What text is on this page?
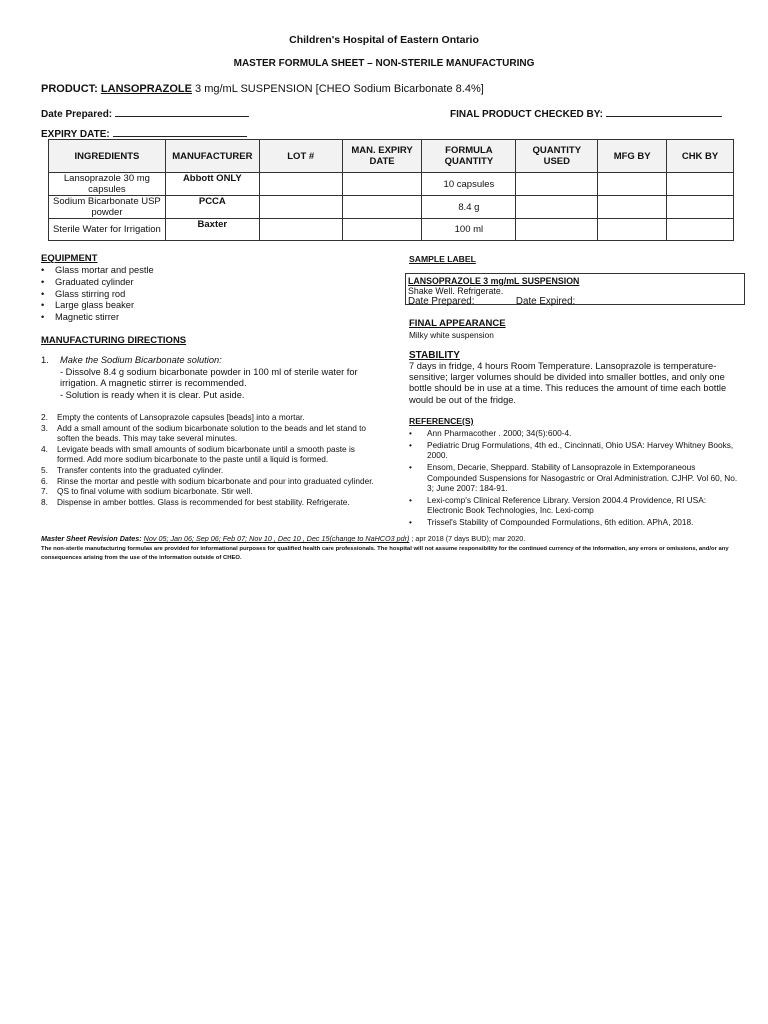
Children's Hospital of Eastern Ontario
MASTER FORMULA SHEET – NON-STERILE MANUFACTURING
PRODUCT: LANSOPRAZOLE 3 mg/mL SUSPENSION [CHEO Sodium Bicarbonate 8.4%]
Date Prepared:	FINAL PRODUCT CHECKED BY:
EXPIRY DATE:
INGREDIENTS	MANUFACTURER	LOT #	MAN. EXPIRY DATE	FORMULA QUANTITY	QUANTITY USED	MFG BY	CHK BY
Lansoprazole 30 mg capsules	Abbott ONLY			10 capsules			
Sodium Bicarbonate USP powder	PCCA			8.4 g			
Sterile Water for Irrigation	Baxter			100 ml			
EQUIPMENT
• Glass mortar and pestle
• Graduated cylinder
• Glass stirring rod
• Large glass beaker
• Magnetic stirrer
MANUFACTURING DIRECTIONS
1. Make the Sodium Bicarbonate solution:
- Dissolve 8.4 g sodium bicarbonate powder in 100 ml of sterile water for irrigation. A magnetic stirrer is recommended.
- Solution is ready when it is clear. Put aside.
2. Empty the contents of Lansoprazole capsules [beads] into a mortar.
3. Add a small amount of the sodium bicarbonate solution to the beads and let stand to soften the beads. This may take several minutes.
4. Levigate beads with small amounts of sodium bicarbonate until a smooth paste is formed. Add more sodium bicarbonate to the paste until a liquid is formed.
5. Transfer contents into the graduated cylinder.
6. Rinse the mortar and pestle with sodium bicarbonate and pour into graduated cylinder.
7. QS to final volume with sodium bicarbonate. Stir well.
8. Dispense in amber bottles. Glass is recommended for best stability. Refrigerate.
SAMPLE LABEL
LANSOPRAZOLE 3 mg/mL SUSPENSION
Shake Well. Refrigerate.
Date Prepared:	Date Expired:
FINAL APPEARANCE
Milky white suspension
STABILITY
7 days in fridge, 4 hours Room Temperature. Lansoprazole is temperature-sensitive; larger volumes should be divided into smaller bottles, and only one bottle should be in use at a time. This reduces the amount of time each bottle would be out of the fridge.
REFERENCE(S)
• Ann Pharmacother . 2000; 34(5):600-4.
• Pediatric Drug Formulations, 4th ed., Cincinnati, Ohio USA: Harvey Whitney Books, 2000.
• Ensom, Decarie, Sheppard. Stability of Lansoprazole in Extemporaneous Compounded Suspensions for Nasogastric or Oral Administration. CJHP. Vol 60, No. 3; June 2007: 184-91.
• Lexi-comp's Clinical Reference Library. Version 2004.4 Providence, RI USA: Electronic Book Technologies, Inc. Lexi-comp
• Trissel's Stability of Compounded Formulations, 6th edition. APhA, 2018.
Master Sheet Revision Dates: Nov 05; Jan 06; Sep 06; Feb 07; Nov 10 , Dec 10 , Dec 15(change to NaHCO3 pdr) ; apr 2018 (7 days BUD); mar 2020.
The non-sterile manufacturing formulas are provided for informational purposes for qualified health care professionals. The hospital will not assume responsibility for the continued currency of the information, any errors or omissions, and/or any consequences arising from the use of the information outside of CHEO.
